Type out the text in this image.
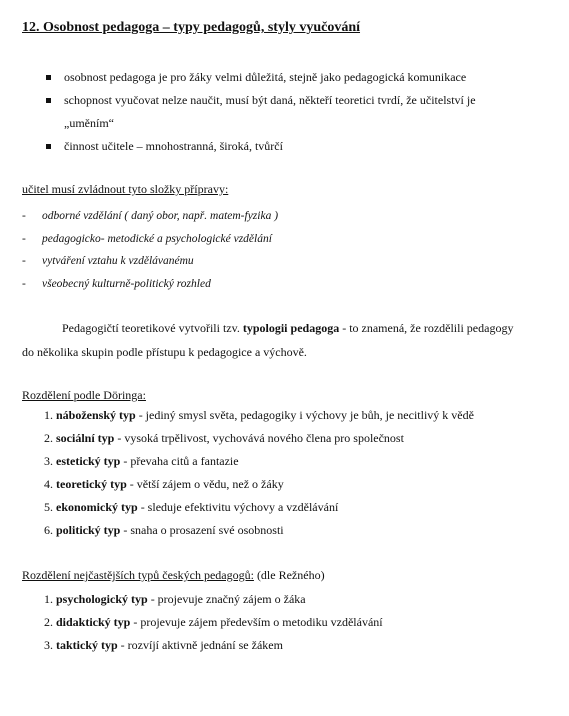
12. Osobnost pedagoga – typy pedagogů, styly vyučování
osobnost pedagoga je pro žáky velmi důležitá, stejně jako pedagogická komunikace
schopnost vyučovat nelze naučit, musí být daná, někteří teoretici tvrdí, že učitelství je
„uměním“
činnost učitele – mnohostranná, široká, tvůrčí
učitel musí zvládnout tyto složky přípravy:
- odborné vzdělání ( daný obor, např. matem-fyzika )
- pedagogicko- metodické a psychologické vzdělání
- vytváření vztahu k vzdělávanému
- všeobecný kulturně-politický rozhled
Pedagogičtí teoretikové vytvořili tzv. typologii pedagoga - to znamená, že rozdělili pedagogy do několika skupin podle přístupu k pedagogice a výchově.
Rozdělení podle Döringa:
1. náboženský typ - jediný smysl světa, pedagogiky i výchovy je bůh, je necitlivý k vědě
2. sociální typ - vysoká trpělivost, vychovává nového člena pro společnost
3. estetický typ - převaha citů a fantazie
4. teoretický typ - větší zájem o vědu, než o žáky
5. ekonomický typ - sleduje efektivitu výchovy a vzdělávání
6. politický typ - snaha o prosazení své osobnosti
Rozdělení nejčastějších typů českých pedagogů: (dle Režného)
1. psychologický typ - projevuje značný zájem o žáka
2. didaktický typ - projevuje zájem především o metodiku vzdělávání
3. taktický typ - rozvíjí aktivně jednání se žákem
